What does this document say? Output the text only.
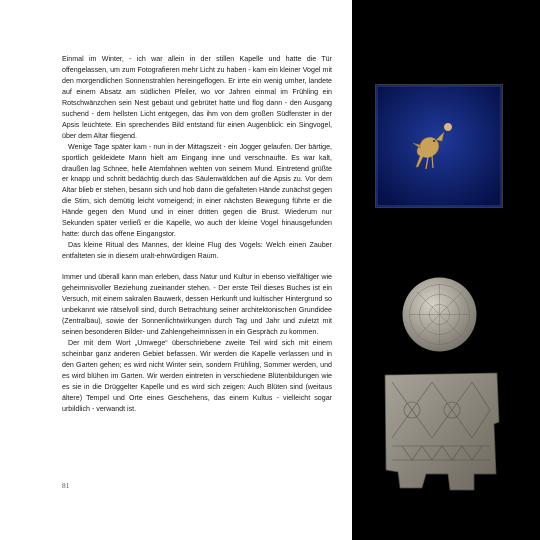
Einmal im Winter, - ich war allein in der stillen Kapelle und hatte die Tür offengelassen, um zum Fotografieren mehr Licht zu haben - kam ein kleiner Vogel mit den morgendlichen Sonnenstrahlen hereingeflogen. Er irrte ein wenig umher, landete auf einem Absatz am südlichen Pfeiler, wo vor Jahren einmal im Frühling ein Rotschwänzchen sein Nest gebaut und gebrütet hatte und flog dann - den Ausgang suchend - dem hellsten Licht entgegen, das ihm von dem großen Südfenster in der Apsis leuchtete. Ein sprechendes Bild entstand für einen Augenblick: ein Singvogel, über dem Altar fliegend.

Wenige Tage später kam - nun in der Mittagszeit - ein Jogger gelaufen. Der bärtige, sportlich gekleidete Mann hielt am Eingang inne und verschnaufte. Es war kalt, draußen lag Schnee, helle Atemfahnen wehten von seinem Mund. Eintretend grüßte er knapp und schritt bedächtig durch das Säulenwäldchen auf die Apsis zu. Vor dem Altar blieb er stehen, besann sich und hob dann die gefalteten Hände zunächst gegen die Stirn, sich demütig leicht vorneigend; in einer nächsten Bewegung führte er die Hände gegen den Mund und in einer dritten gegen die Brust. Wiederum nur Sekunden später verließ er die Kapelle, wo auch der kleine Vogel hinausgefunden hatte: durch das offene Eingangstor.

Das kleine Ritual des Mannes, der kleine Flug des Vogels: Welch einen Zauber entfalteten sie in diesem uralt-ehrwürdigen Raum.

Immer und überall kann man erleben, dass Natur und Kultur in ebenso vielfältiger wie geheimnisvoller Beziehung zueinander stehen. - Der erste Teil dieses Buches ist ein Versuch, mit einem sakralen Bauwerk, dessen Herkunft und kultischer Hintergrund so unbekannt wie rätselvoll sind, durch Betrachtung seiner architektonischen Grundidee (Zentralbau), sowie der Sonnenlichtwirkungen durch Tag und Jahr und zuletzt mit seinen besonderen Bilder- und Zahlengeheimnissen in ein Gespräch zu kommen.

Der mit dem Wort „Umwege“ überschriebene zweite Teil wird sich mit einem scheinbar ganz anderen Gebiet befassen. Wir werden die Kapelle verlassen und in den Garten gehen; es wird nicht Winter sein, sondern Frühling, Sommer werden, und es wird blühen im Garten. Wir werden eintreten in verschiedene Blütenbildungen wie es sie in die Drüggelter Kapelle und es wird sich zeigen: Auch Blüten sind (weitaus ältere) Tempel und Orte eines Geschehens, das einem Kultus - vielleicht sogar urbildlich - verwandt ist.

81
